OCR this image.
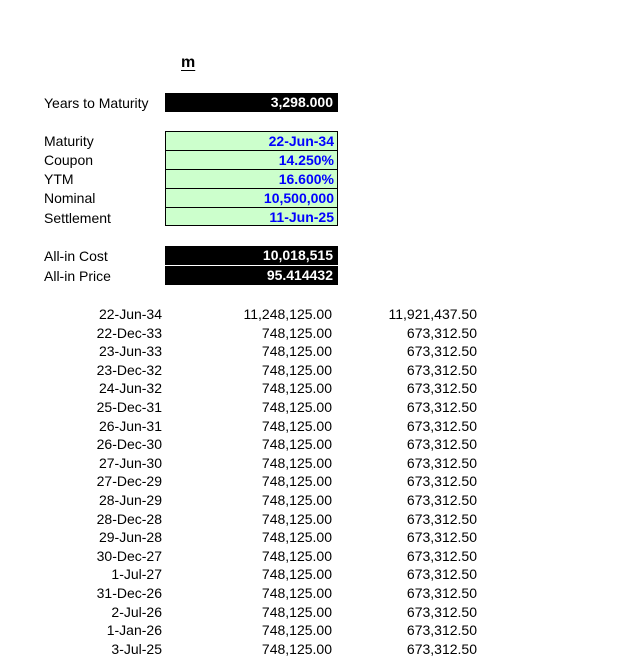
m
Years to Maturity	3,298.000
Maturity	22-Jun-34
Coupon	14.250%
YTM	16.600%
Nominal	10,500,000
Settlement	11-Jun-25
All-in Cost	10,018,515
All-in Price	95.414432
22-Jun-34	11,248,125.00	11,921,437.50
22-Dec-33	748,125.00	673,312.50
23-Jun-33	748,125.00	673,312.50
23-Dec-32	748,125.00	673,312.50
24-Jun-32	748,125.00	673,312.50
25-Dec-31	748,125.00	673,312.50
26-Jun-31	748,125.00	673,312.50
26-Dec-30	748,125.00	673,312.50
27-Jun-30	748,125.00	673,312.50
27-Dec-29	748,125.00	673,312.50
28-Jun-29	748,125.00	673,312.50
28-Dec-28	748,125.00	673,312.50
29-Jun-28	748,125.00	673,312.50
30-Dec-27	748,125.00	673,312.50
1-Jul-27	748,125.00	673,312.50
31-Dec-26	748,125.00	673,312.50
2-Jul-26	748,125.00	673,312.50
1-Jan-26	748,125.00	673,312.50
3-Jul-25	748,125.00	673,312.50
